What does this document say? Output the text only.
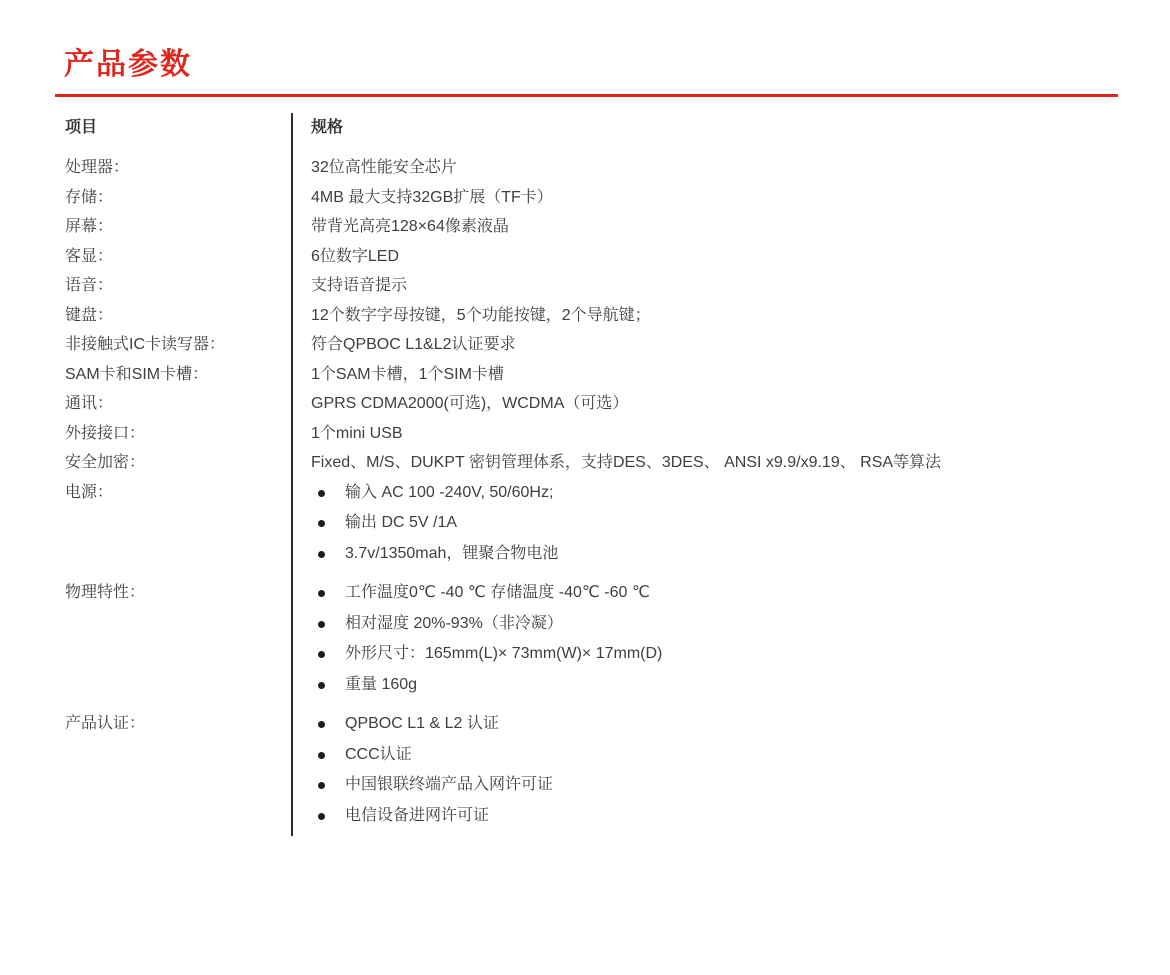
产品参数
项目	规格
处理器：	32位高性能安全芯片
存储：	4MB 最大支持32GB扩展（TF卡）
屏幕：	带背光高亮128×64像素液晶
客显：	6位数字LED
语音：	支持语音提示
键盘：	12个数字字母按键，5个功能按键，2个导航键；
非接触式IC卡读写器：	符合QPBOC L1&L2认证要求
SAM卡和SIM卡槽：	1个SAM卡槽，1个SIM卡槽
通讯：	GPRS CDMA2000(可选)，WCDMA（可选）
外接接口：	1个mini USB
安全加密：	Fixed、M/S、DUKPT 密钥管理体系，支持DES、3DES、 ANSI x9.9/x9.19、 RSA等算法
电源：	输入 AC 100 -240V, 50/60Hz;
输出 DC 5V /1A
3.7v/1350mah，锂聚合物电池
物理特性：	工作温度0℃ -40 ℃ 存储温度 -40℃ -60 ℃
相对湿度 20%-93%（非冷凝）
外形尺寸：165mm(L)× 73mm(W)× 17mm(D)
重量 160g
产品认证：	QPBOC L1 & L2 认证
CCC认证
中国银联终端产品入网许可证
电信设备进网许可证
